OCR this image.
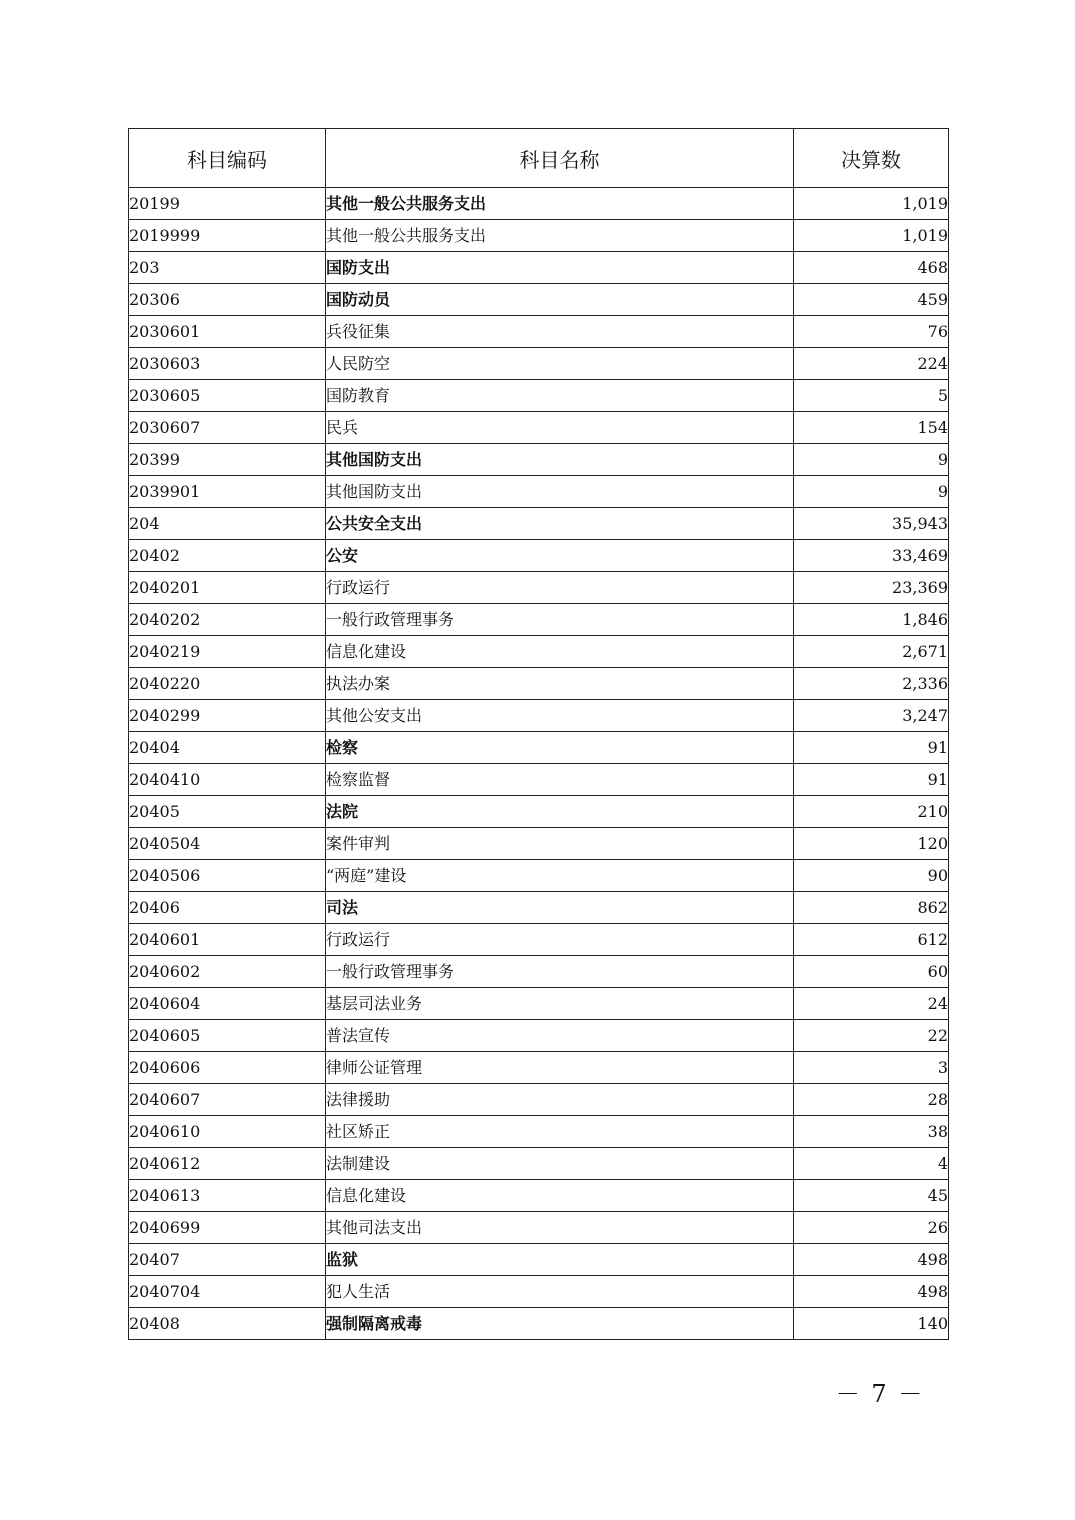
科目编码	科目名称	决算数
20199	其他一般公共服务支出	1,019
2019999	其他一般公共服务支出	1,019
203	国防支出	468
20306	国防动员	459
2030601	兵役征集	76
2030603	人民防空	224
2030605	国防教育	5
2030607	民兵	154
20399	其他国防支出	9
2039901	其他国防支出	9
204	公共安全支出	35,943
20402	公安	33,469
2040201	行政运行	23,369
2040202	一般行政管理事务	1,846
2040219	信息化建设	2,671
2040220	执法办案	2,336
2040299	其他公安支出	3,247
20404	检察	91
2040410	检察监督	91
20405	法院	210
2040504	案件审判	120
2040506	“两庭”建设	90
20406	司法	862
2040601	行政运行	612
2040602	一般行政管理事务	60
2040604	基层司法业务	24
2040605	普法宣传	22
2040606	律师公证管理	3
2040607	法律援助	28
2040610	社区矫正	38
2040612	法制建设	4
2040613	信息化建设	45
2040699	其他司法支出	26
20407	监狱	498
2040704	犯人生活	498
20408	强制隔离戒毒	140
－ 7 －
